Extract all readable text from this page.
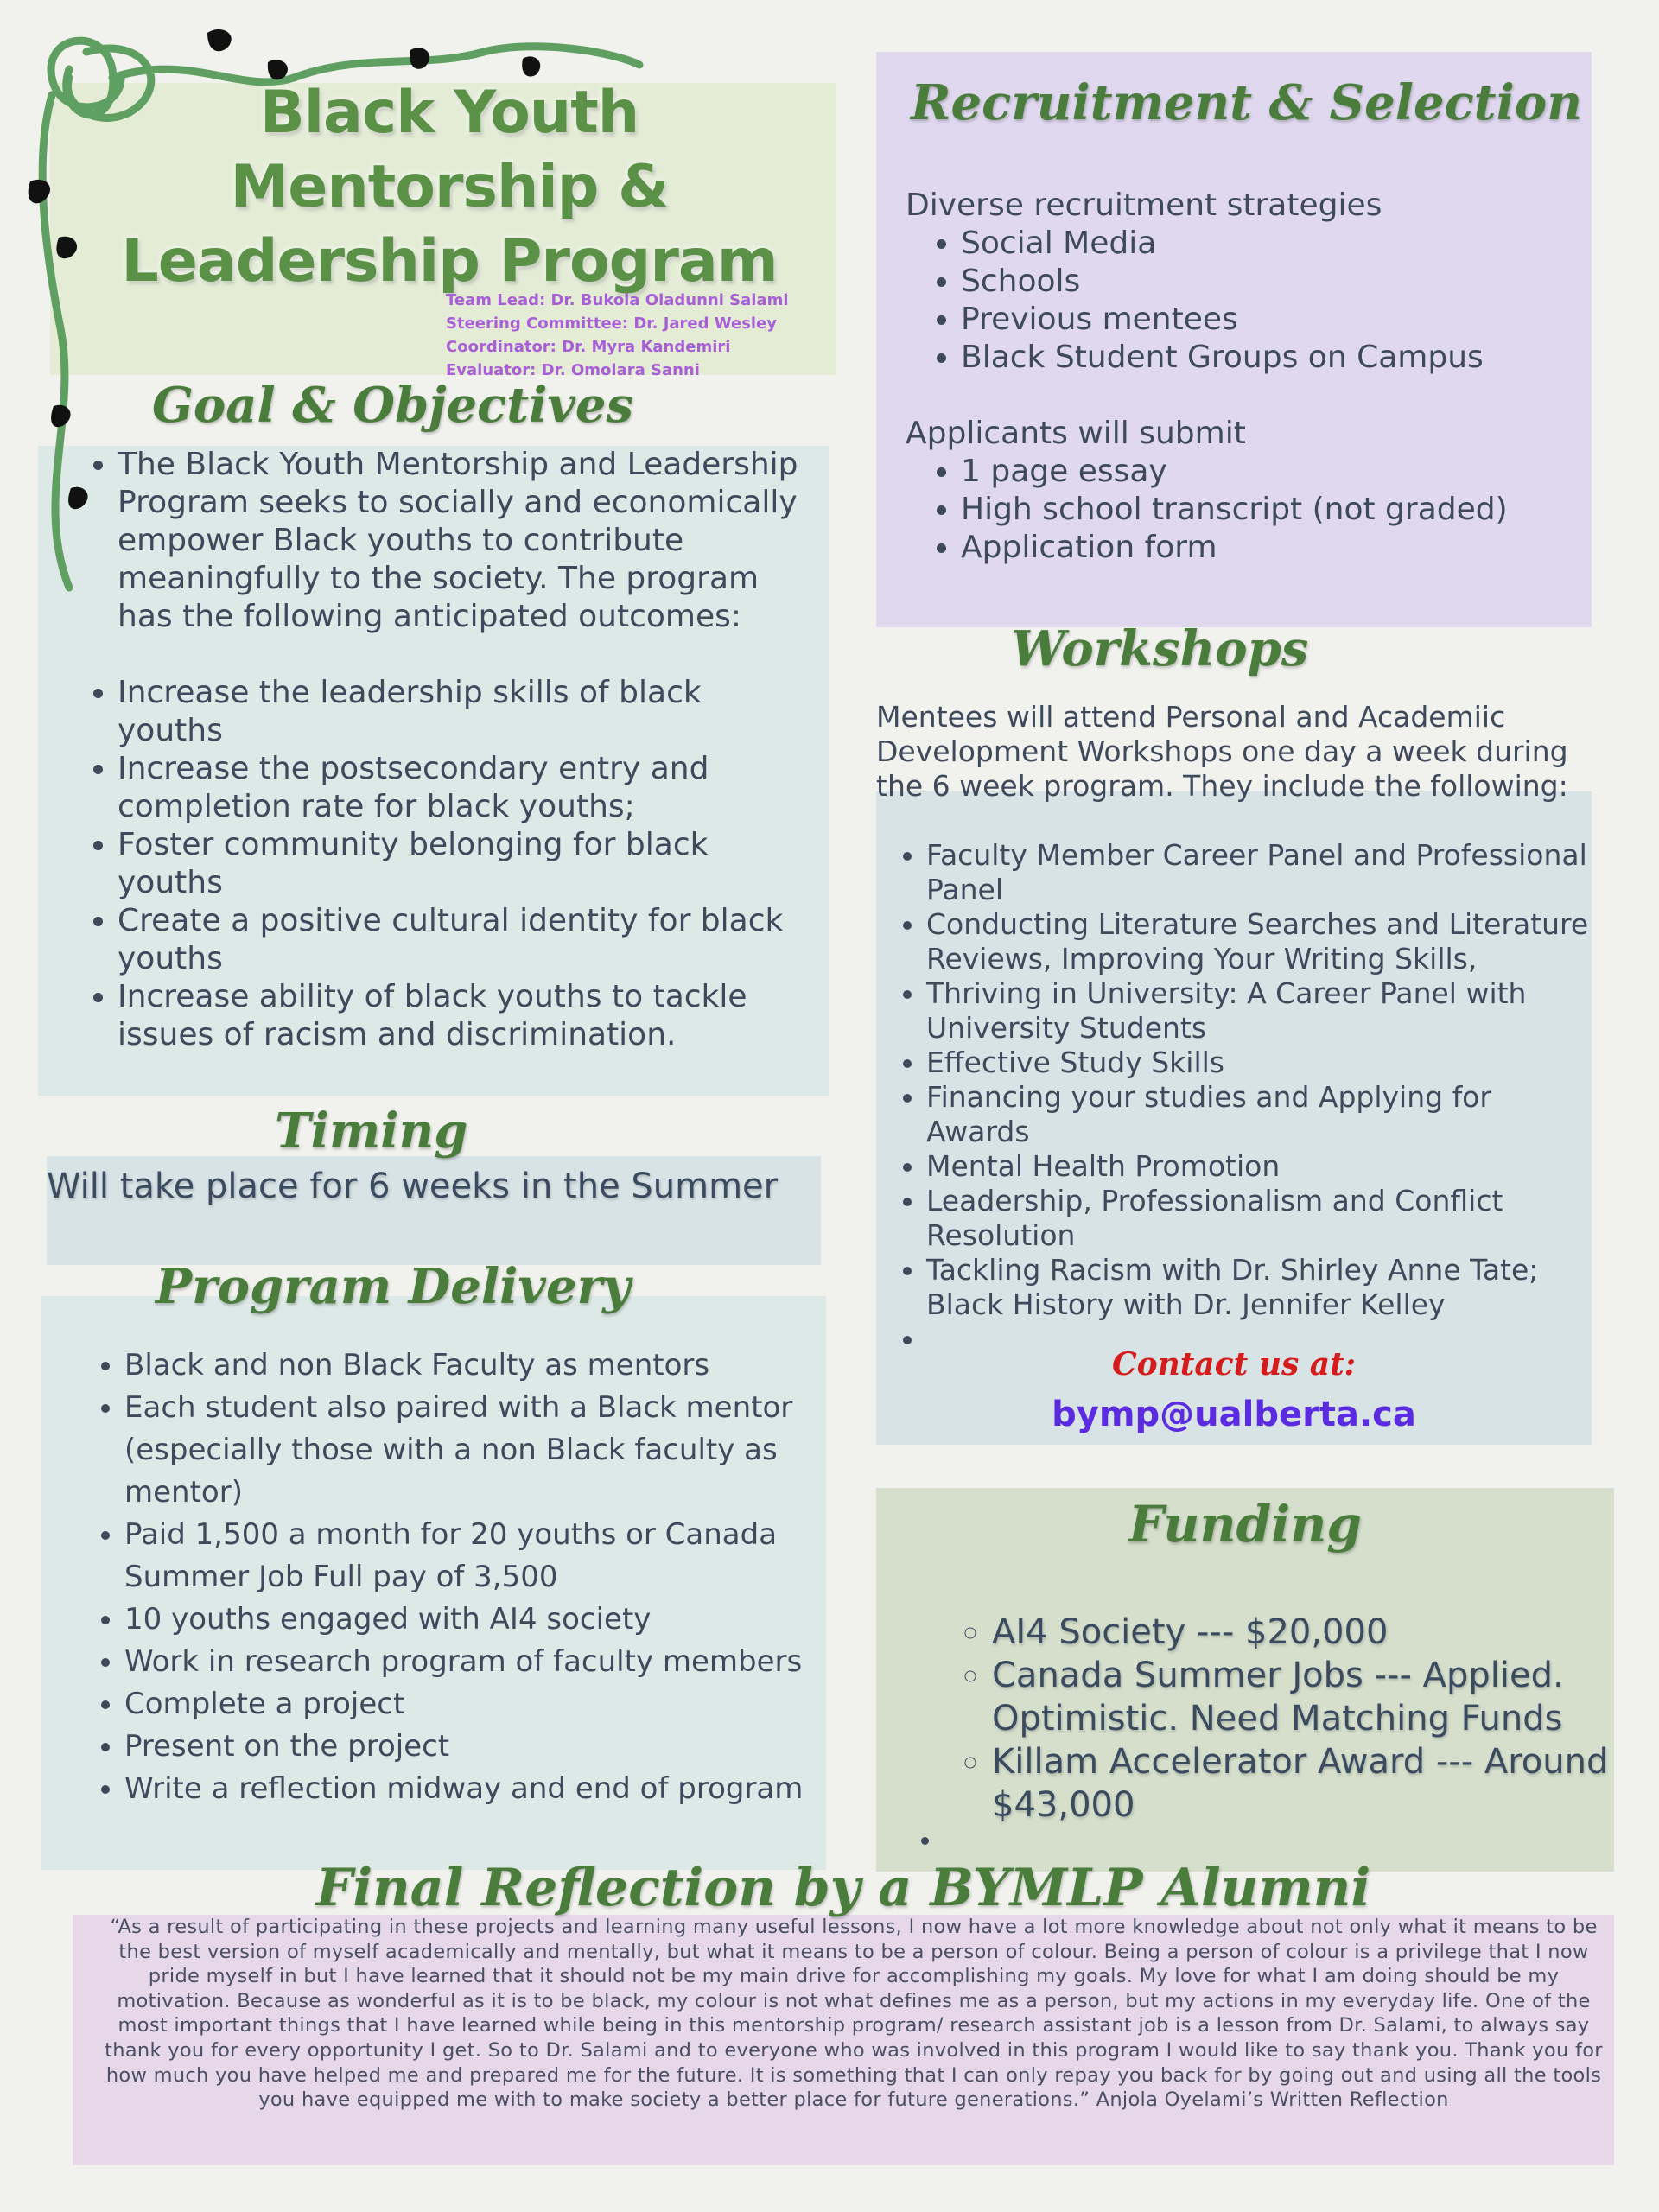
Black Youth
Mentorship &
Leadership Program
Team Lead: Dr. Bukola Oladunni Salami
Steering Committee: Dr. Jared Wesley
Coordinator: Dr. Myra Kandemiri
Evaluator: Dr. Omolara Sanni
Goal & Objectives
• The Black Youth Mentorship and Leadership Program seeks to socially and economically empower Black youths to contribute meaningfully to the society. The program has the following anticipated outcomes:
• Increase the leadership skills of black youths
• Increase the postsecondary entry and completion rate for black youths;
• Foster community belonging for black youths
• Create a positive cultural identity for black youths
• Increase ability of black youths to tackle issues of racism and discrimination.
Timing
Will take place for 6 weeks in the Summer
Program Delivery
• Black and non Black Faculty as mentors
• Each student also paired with a Black mentor (especially those with a non Black faculty as mentor)
• Paid 1,500 a month for 20 youths or Canada Summer Job Full pay of 3,500
• 10 youths engaged with AI4 society
• Work in research program of faculty members
• Complete a project
• Present on the project
• Write a reflection midway and end of program
Recruitment & Selection
Diverse recruitment strategies
• Social Media
• Schools
• Previous mentees
• Black Student Groups on Campus
Applicants will submit
• 1 page essay
• High school transcript (not graded)
• Application form
Workshops
Mentees will attend Personal and Academiic Development Workshops one day a week during the 6 week program. They include the following:
• Faculty Member Career Panel and Professional Panel
• Conducting Literature Searches and Literature Reviews, Improving Your Writing Skills,
• Thriving in University: A Career Panel with University Students
• Effective Study Skills
• Financing your studies and Applying for Awards
• Mental Health Promotion
• Leadership, Professionalism and Conflict Resolution
• Tackling Racism with Dr. Shirley Anne Tate; Black History with Dr. Jennifer Kelley
•
Contact us at:
bymp@ualberta.ca
Funding
◦ AI4 Society --- $20,000
◦ Canada Summer Jobs --- Applied. Optimistic. Need Matching Funds
◦ Killam Accelerator Award --- Around $43,000
Final Reflection by a BYMLP Alumni
“As a result of participating in these projects and learning many useful lessons, I now have a lot more knowledge about not only what it means to be the best version of myself academically and mentally, but what it means to be a person of colour. Being a person of colour is a privilege that I now pride myself in but I have learned that it should not be my main drive for accomplishing my goals. My love for what I am doing should be my motivation. Because as wonderful as it is to be black, my colour is not what defines me as a person, but my actions in my everyday life. One of the most important things that I have learned while being in this mentorship program/ research assistant job is a lesson from Dr. Salami, to always say thank you for every opportunity I get. So to Dr. Salami and to everyone who was involved in this program I would like to say thank you. Thank you for how much you have helped me and prepared me for the future. It is something that I can only repay you back for by going out and using all the tools you have equipped me with to make society a better place for future generations.” Anjola Oyelami’s Written Reflection
